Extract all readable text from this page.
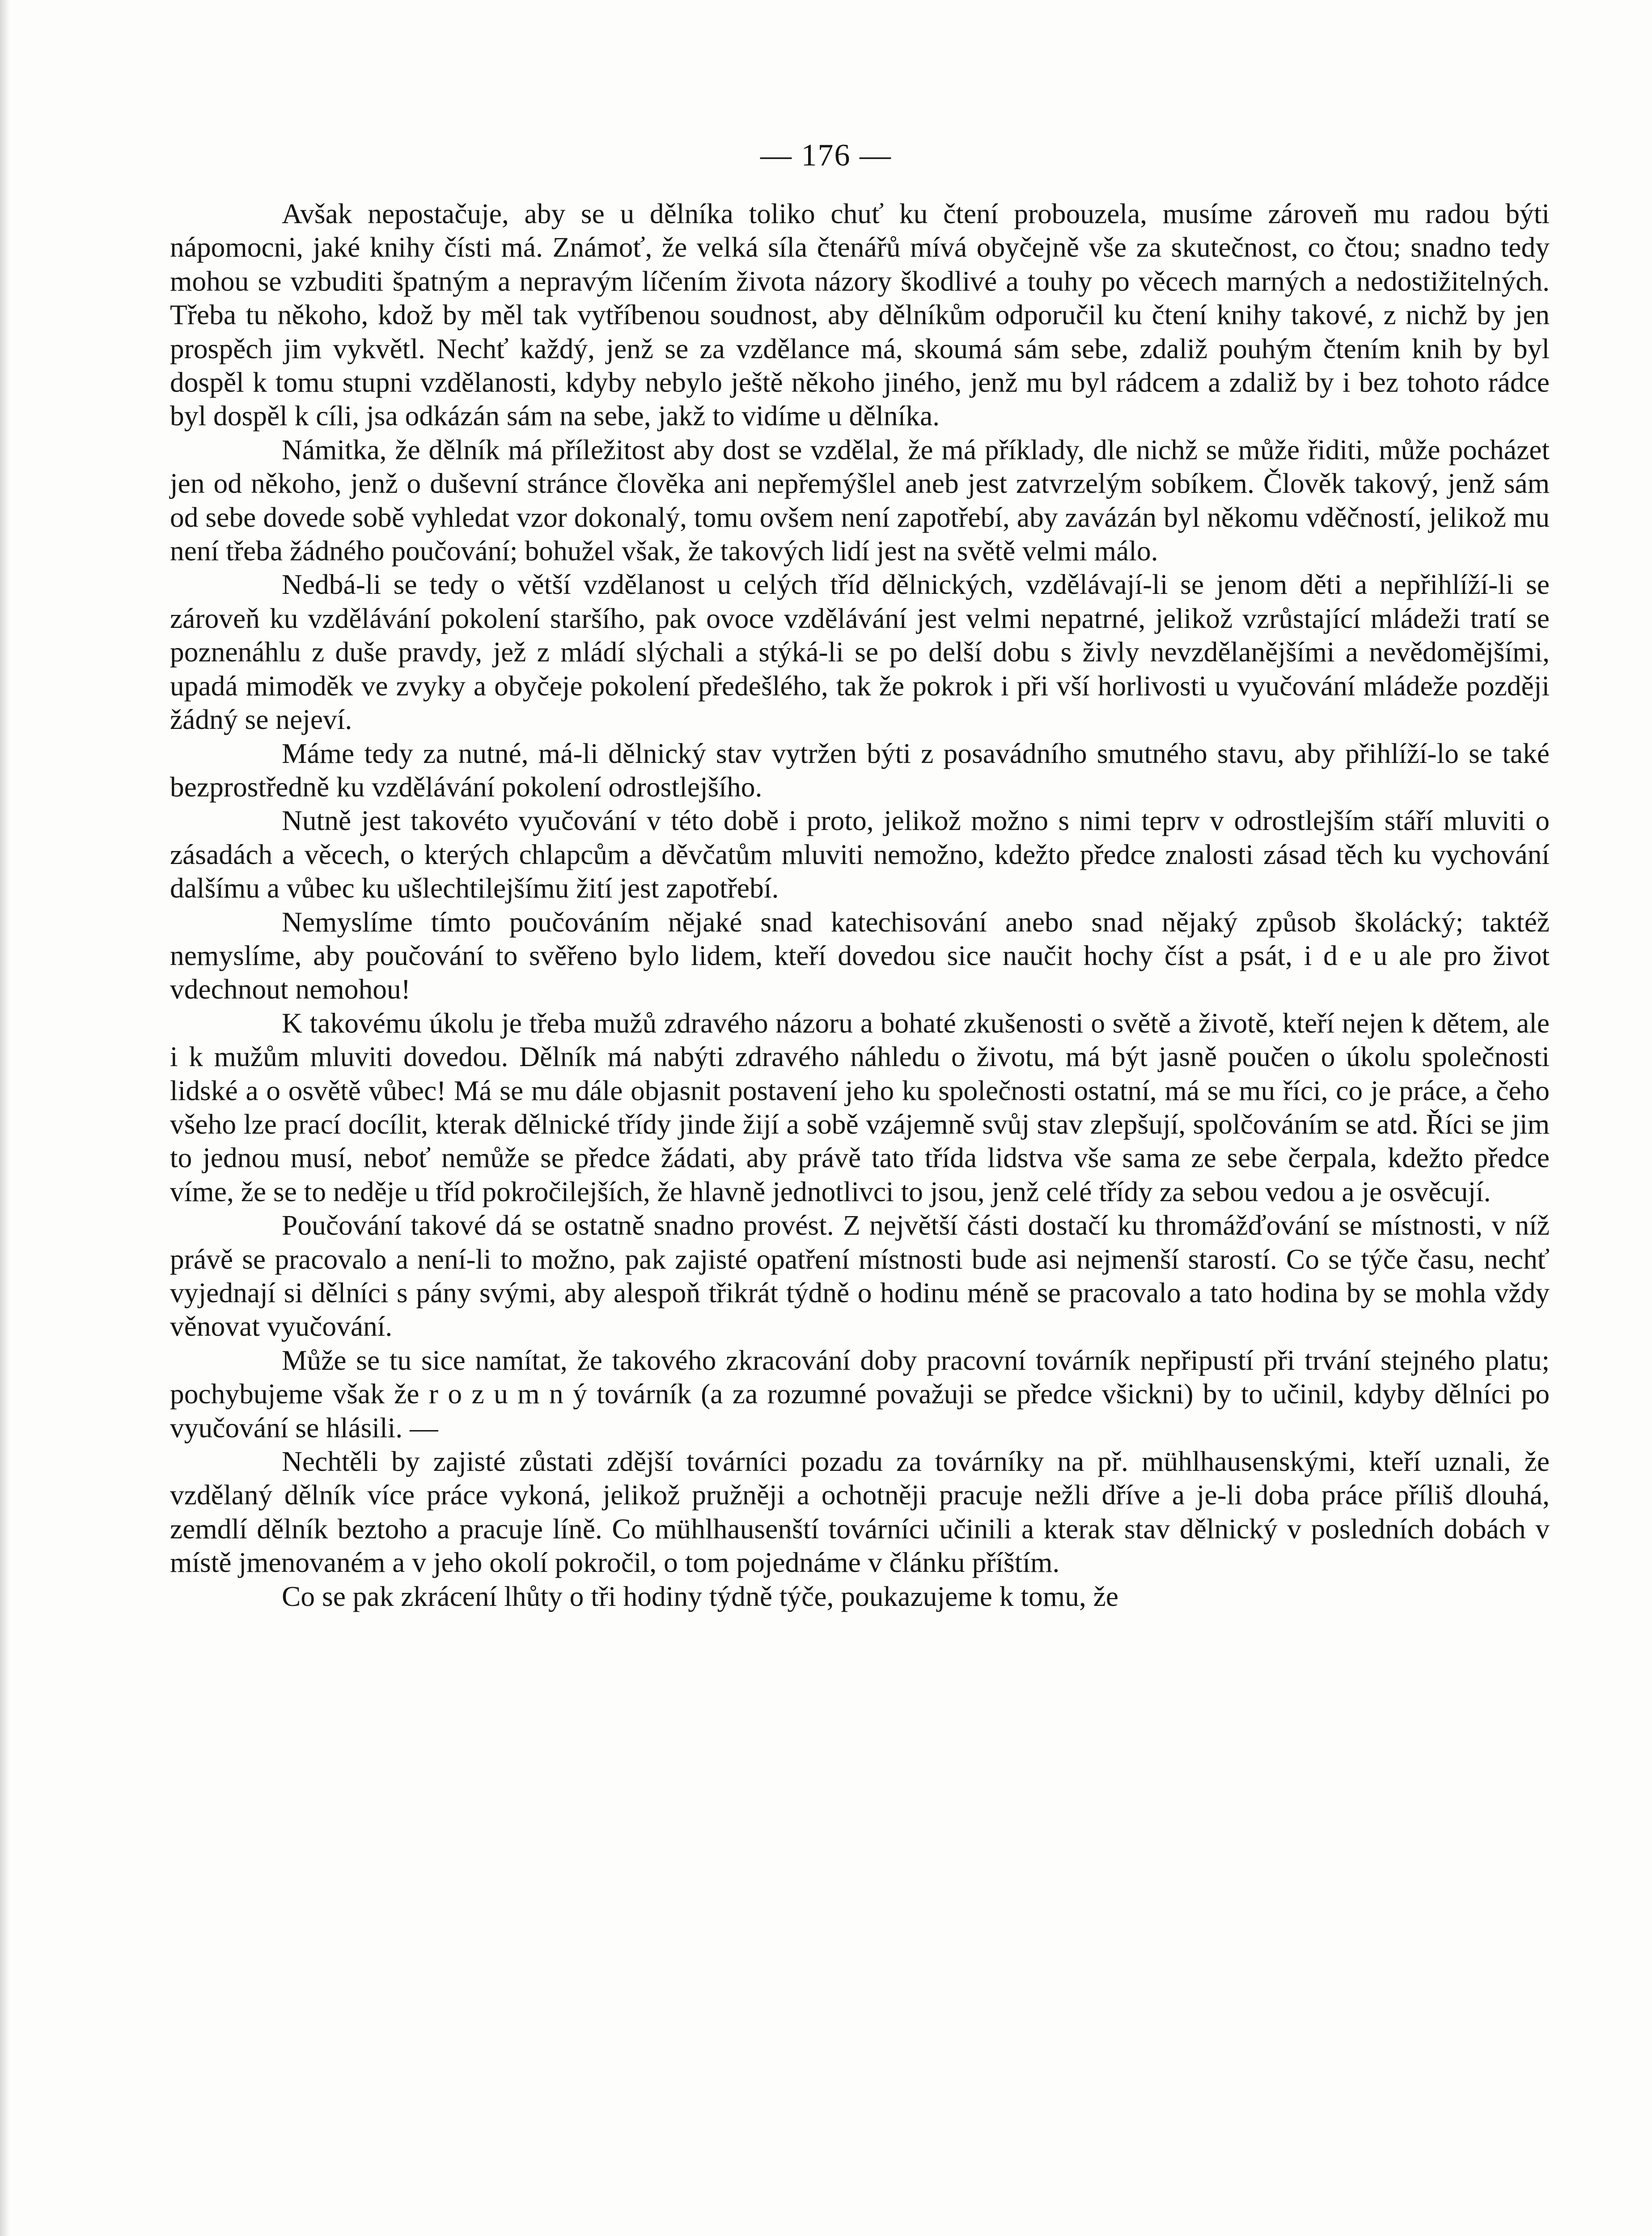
— 176 —

Avšak nepostačuje, aby se u dělníka toliko chuť ku čtení probouzela, musíme zároveň mu radou býti nápomocni, jaké knihy čísti má. Známoť, že velká síla čtenářů mívá obyčejně vše za skutečnost, co čtou; snadno tedy mohou se vzbuditi špatným a nepravým líčením života názory škodlivé a touhy po věcech marných a nedostižitelných. Třeba tu někoho, kdož by měl tak vytříbenou soudnost, aby dělníkům odporučil ku čtení knihy takové, z nichž by jen prospěch jim vykvětl. Nechť každý, jenž se za vzdělance má, skoumá sám sebe, zdaliž pouhým čtením knih by byl dospěl k tomu stupni vzdělanosti, kdyby nebylo ještě někoho jiného, jenž mu byl rádcem a zdaliž by i bez tohoto rádce byl dospěl k cíli, jsa odkázán sám na sebe, jakž to vidíme u dělníka.

Námitka, že dělník má příležitost aby dost se vzdělal, že má příklady, dle nichž se může řiditi, může pocházet jen od někoho, jenž o duševní stránce člověka ani nepřemýšlel aneb jest zatvrzelým sobíkem. Člověk takový, jenž sám od sebe dovede sobě vyhledat vzor dokonalý, tomu ovšem není zapotřebí, aby zavázán byl někomu vděčností, jelikož mu není třeba žádného poučování; bohužel však, že takových lidí jest na světě velmi málo.

Nedbá-li se tedy o větší vzdělanost u celých tříd dělnických, vzdělávají-li se jenom děti a nepřihlíží-li se zároveň ku vzdělávání pokolení staršího, pak ovoce vzdělávání jest velmi nepatrné, jelikož vzrůstající mládeži tratí se poznenáhlu z duše pravdy, jež z mládí slýchali a stýká-li se po delší dobu s živly nevzdělanějšími a nevědomějšími, upadá mimoděk ve zvyky a obyčeje pokolení předešlého, tak že pokrok i při vší horlivosti u vyučování mládeže později žádný se nejeví.

Máme tedy za nutné, má-li dělnický stav vytržen býti z posavádního smutného stavu, aby přihlíží-lo se také bezprostředně ku vzdělávání pokolení odrostlejšího.

Nutně jest takovéto vyučování v této době i proto, jelikož možno s nimi teprv v odrostlejším stáří mluviti o zásadách a věcech, o kterých chlapcům a děvčatům mluviti nemožno, kdežto předce znalosti zásad těch ku vychování dalšímu a vůbec ku ušlechtilejšímu žití jest zapotřebí.

Nemyslíme tímto poučováním nějaké snad katechisování anebo snad nějaký způsob školácký; taktéž nemyslíme, aby poučování to svěřeno bylo lidem, kteří dovedou sice naučit hochy číst a psát, i d e u ale pro život vdechnout nemohou!

K takovému úkolu je třeba mužů zdravého názoru a bohaté zkušenosti o světě a životě, kteří nejen k dětem, ale i k mužům mluviti dovedou. Dělník má nabýti zdravého náhledu o životu, má být jasně poučen o úkolu společnosti lidské a o osvětě vůbec! Má se mu dále objasnit postavení jeho ku společnosti ostatní, má se mu říci, co je práce, a čeho všeho lze prací docílit, kterak dělnické třídy jinde žijí a sobě vzájemně svůj stav zlepšují, spolčováním se atd. Říci se jim to jednou musí, neboť nemůže se předce žádati, aby právě tato třída lidstva vše sama ze sebe čerpala, kdežto předce víme, že se to neděje u tříd pokročilejších, že hlavně jednotlivci to jsou, jenž celé třídy za sebou vedou a je osvěcují.

Poučování takové dá se ostatně snadno provést. Z největší části dostačí ku thromážďování se místnosti, v níž právě se pracovalo a není-li to možno, pak zajisté opatření místnosti bude asi nejmenší starostí. Co se týče času, nechť vyjednají si dělníci s pány svými, aby alespoň třikrát týdně o hodinu méně se pracovalo a tato hodina by se mohla vždy věnovat vyučování.

Může se tu sice namítat, že takového zkracování doby pracovní továrník nepřipustí při trvání stejného platu; pochybujeme však že r o z u m n ý továrník (a za rozumné považuji se předce všickni) by to učinil, kdyby dělníci po vyučování se hlásili. —

Nechtěli by zajisté zůstati zdější továrníci pozadu za továrníky na př. mühlhausenskými, kteří uznali, že vzdělaný dělník více práce vykoná, jelikož pružněji a ochotněji pracuje nežli dříve a je-li doba práce příliš dlouhá, zemdlí dělník beztoho a pracuje líně. Co mühlhausenští továrníci učinili a kterak stav dělnický v posledních dobách v místě jmenovaném a v jeho okolí pokročil, o tom pojednáme v článku příštím.

Co se pak zkrácení lhůty o tři hodiny týdně týče, poukazujeme k tomu, že
